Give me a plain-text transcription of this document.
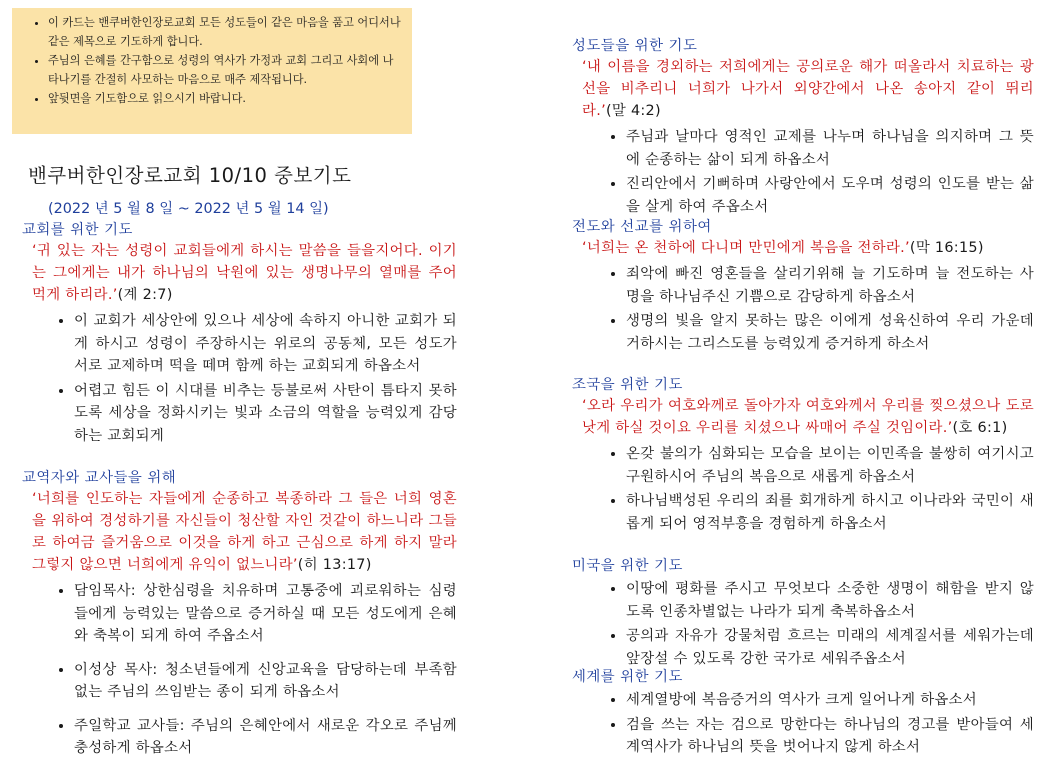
• 이 카드는 밴쿠버한인장로교회 모든 성도들이 같은 마음을 품고 어디서나 같은 제목으로 기도하게 합니다.
• 주님의 은혜를 간구함으로 성령의 역사가 가정과 교회 그리고 사회에 나타나기를 간절히 사모하는 마음으로 매주 제작됩니다.
• 앞뒷면을 기도함으로 읽으시기 바랍니다.
밴쿠버한인장로교회 10/10 중보기도
(2022 년 5 월 8 일 ~ 2022 년 5 월 14 일)
교회를 위한 기도
‘귀 있는 자는 성령이 교회들에게 하시는 말씀을 들을지어다. 이기는 그에게는 내가 하나님의 낙원에 있는 생명나무의 열매를 주어 먹게 하리라.’(계 2:7)
• 이 교회가 세상안에 있으나 세상에 속하지 아니한 교회가 되게 하시고 성령이 주장하시는 위로의 공동체, 모든 성도가 서로 교제하며 떡을 떼며 함께 하는 교회되게 하옵소서
• 어렵고 힘든 이 시대를 비추는 등불로써 사탄이 틈타지 못하도록 세상을 정화시키는 빛과 소금의 역할을 능력있게 감당하는 교회되게
교역자와 교사들을 위해
‘너희를 인도하는 자들에게 순종하고 복종하라 그 들은 너희 영혼을 위하여 경성하기를 자신들이 청산할 자인 것같이 하느니라 그들로 하여금 즐거움으로 이것을 하게 하고 근심으로 하게 하지 말라 그렇지 않으면 너희에게 유익이 없느니라’(히 13:17)
• 담임목사: 상한심령을 치유하며 고통중에 괴로워하는 심령들에게 능력있는 말씀으로 증거하실 때 모든 성도에게 은혜와 축복이 되게 하여 주옵소서
• 이성상 목사: 청소년들에게 신앙교육을 담당하는데 부족함없는 주님의 쓰임받는 종이 되게 하옵소서
• 주일학교 교사들: 주님의 은혜안에서 새로운 각오로 주님께 충성하게 하옵소서
성도들을 위한 기도
‘내 이름을 경외하는 저희에게는 공의로운 해가 떠올라서 치료하는 광선을 비추리니 너희가 나가서 외양간에서 나온 송아지 같이 뛰리라.’(말 4:2)
• 주님과 날마다 영적인 교제를 나누며 하나님을 의지하며 그 뜻에 순종하는 삶이 되게 하옵소서
• 진리안에서 기뻐하며 사랑안에서 도우며 성령의 인도를 받는 삶을 살게 하여 주옵소서
전도와 선교를 위하여
‘너희는 온 천하에 다니며 만민에게 복음을 전하라.’(막 16:15)
• 죄악에 빠진 영혼들을 살리기위해 늘 기도하며 늘 전도하는 사명을 하나님주신 기쁨으로 감당하게 하옵소서
• 생명의 빛을 알지 못하는 많은 이에게 성육신하여 우리 가운데 거하시는 그리스도를 능력있게 증거하게 하소서
조국을 위한 기도
‘오라 우리가 여호와께로 돌아가자 여호와께서 우리를 찢으셨으나 도로 낫게 하실 것이요 우리를 치셨으나 싸매어 주실 것임이라.’(호 6:1)
• 온갖 불의가 심화되는 모습을 보이는 이민족을 불쌍히 여기시고 구원하시어 주님의 복음으로 새롭게 하옵소서
• 하나님백성된 우리의 죄를 회개하게 하시고 이나라와 국민이 새롭게 되어 영적부흥을 경험하게 하옵소서
미국을 위한 기도
• 이땅에 평화를 주시고 무엇보다 소중한 생명이 해함을 받지 않도록 인종차별없는 나라가 되게 축복하옵소서
• 공의과 자유가 강물처럼 흐르는 미래의 세계질서를 세워가는데 앞장설 수 있도록 강한 국가로 세워주옵소서
세계를 위한 기도
• 세계열방에 복음증거의 역사가 크게 일어나게 하옵소서
• 검을 쓰는 자는 검으로 망한다는 하나님의 경고를 받아들여 세계역사가 하나님의 뜻을 벗어나지 않게 하소서
